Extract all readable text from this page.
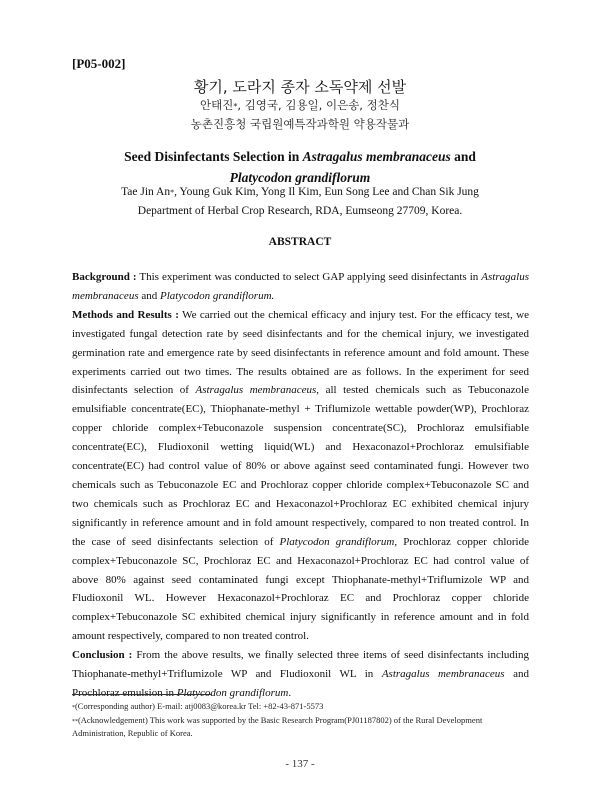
[P05-002]
황기, 도라지 종자 소독약제 선발
안태진*, 김영국, 김용일, 이은송, 정찬식
농촌진흥청 국립원예특작과학원 약용작물과
Seed Disinfectants Selection in Astragalus membranaceus and
Platycodon grandiflorum
Tae Jin An*, Young Guk Kim, Yong Il Kim, Eun Song Lee and Chan Sik Jung
Department of Herbal Crop Research, RDA, Eumseong 27709, Korea.
ABSTRACT

Background : This experiment was conducted to select GAP applying seed disinfectants in Astragalus membranaceus and Platycodon grandiflorum.

Methods and Results : We carried out the chemical efficacy and injury test. For the efficacy test, we investigated fungal detection rate by seed disinfectants and for the chemical injury, we investigated germination rate and emergence rate by seed disinfectants in reference amount and fold amount. These experiments carried out two times. The results obtained are as follows. In the experiment for seed disinfectants selection of Astragalus membranaceus, all tested chemicals such as Tebuconazole emulsifiable concentrate(EC), Thiophanate-methyl + Triflumizole wettable powder(WP), Prochloraz copper chloride complex+Tebuconazole suspension concentrate(SC), Prochloraz emulsifiable concentrate(EC), Fludioxonil wetting liquid(WL) and Hexaconazol+Prochloraz emulsifiable concentrate(EC) had control value of 80% or above against seed contaminated fungi. However two chemicals such as Tebuconazole EC and Prochloraz copper chloride complex+Tebuconazole SC and two chemicals such as Prochloraz EC and Hexaconazol+Prochloraz EC exhibited chemical injury significantly in reference amount and in fold amount respectively, compared to non treated control. In the case of seed disinfectants selection of Platycodon grandiflorum, Prochloraz copper chloride complex+Tebuconazole SC, Prochloraz EC and Hexaconazol+Prochloraz EC had control value of above 80% against seed contaminated fungi except Thiophanate-methyl+Triflumizole WP and Fludioxonil WL. However Hexaconazol+Prochloraz EC and Prochloraz copper chloride complex+Tebuconazole SC exhibited chemical injury significantly in reference amount and in fold amount respectively, compared to non treated control.

Conclusion : From the above results, we finally selected three items of seed disinfectants including Thiophanate-methyl+Triflumizole WP and Fludioxonil WL in Astragalus membranaceus and Prochloraz emulsion in Platycodon grandiflorum.

*(Corresponding author) E-mail: atj0083@korea.kr Tel: +82-43-871-5573

**(Acknowledgement) This work was supported by the Basic Research Program(PJ01187802) of the Rural Development Administration, Republic of Korea.

- 137 -
